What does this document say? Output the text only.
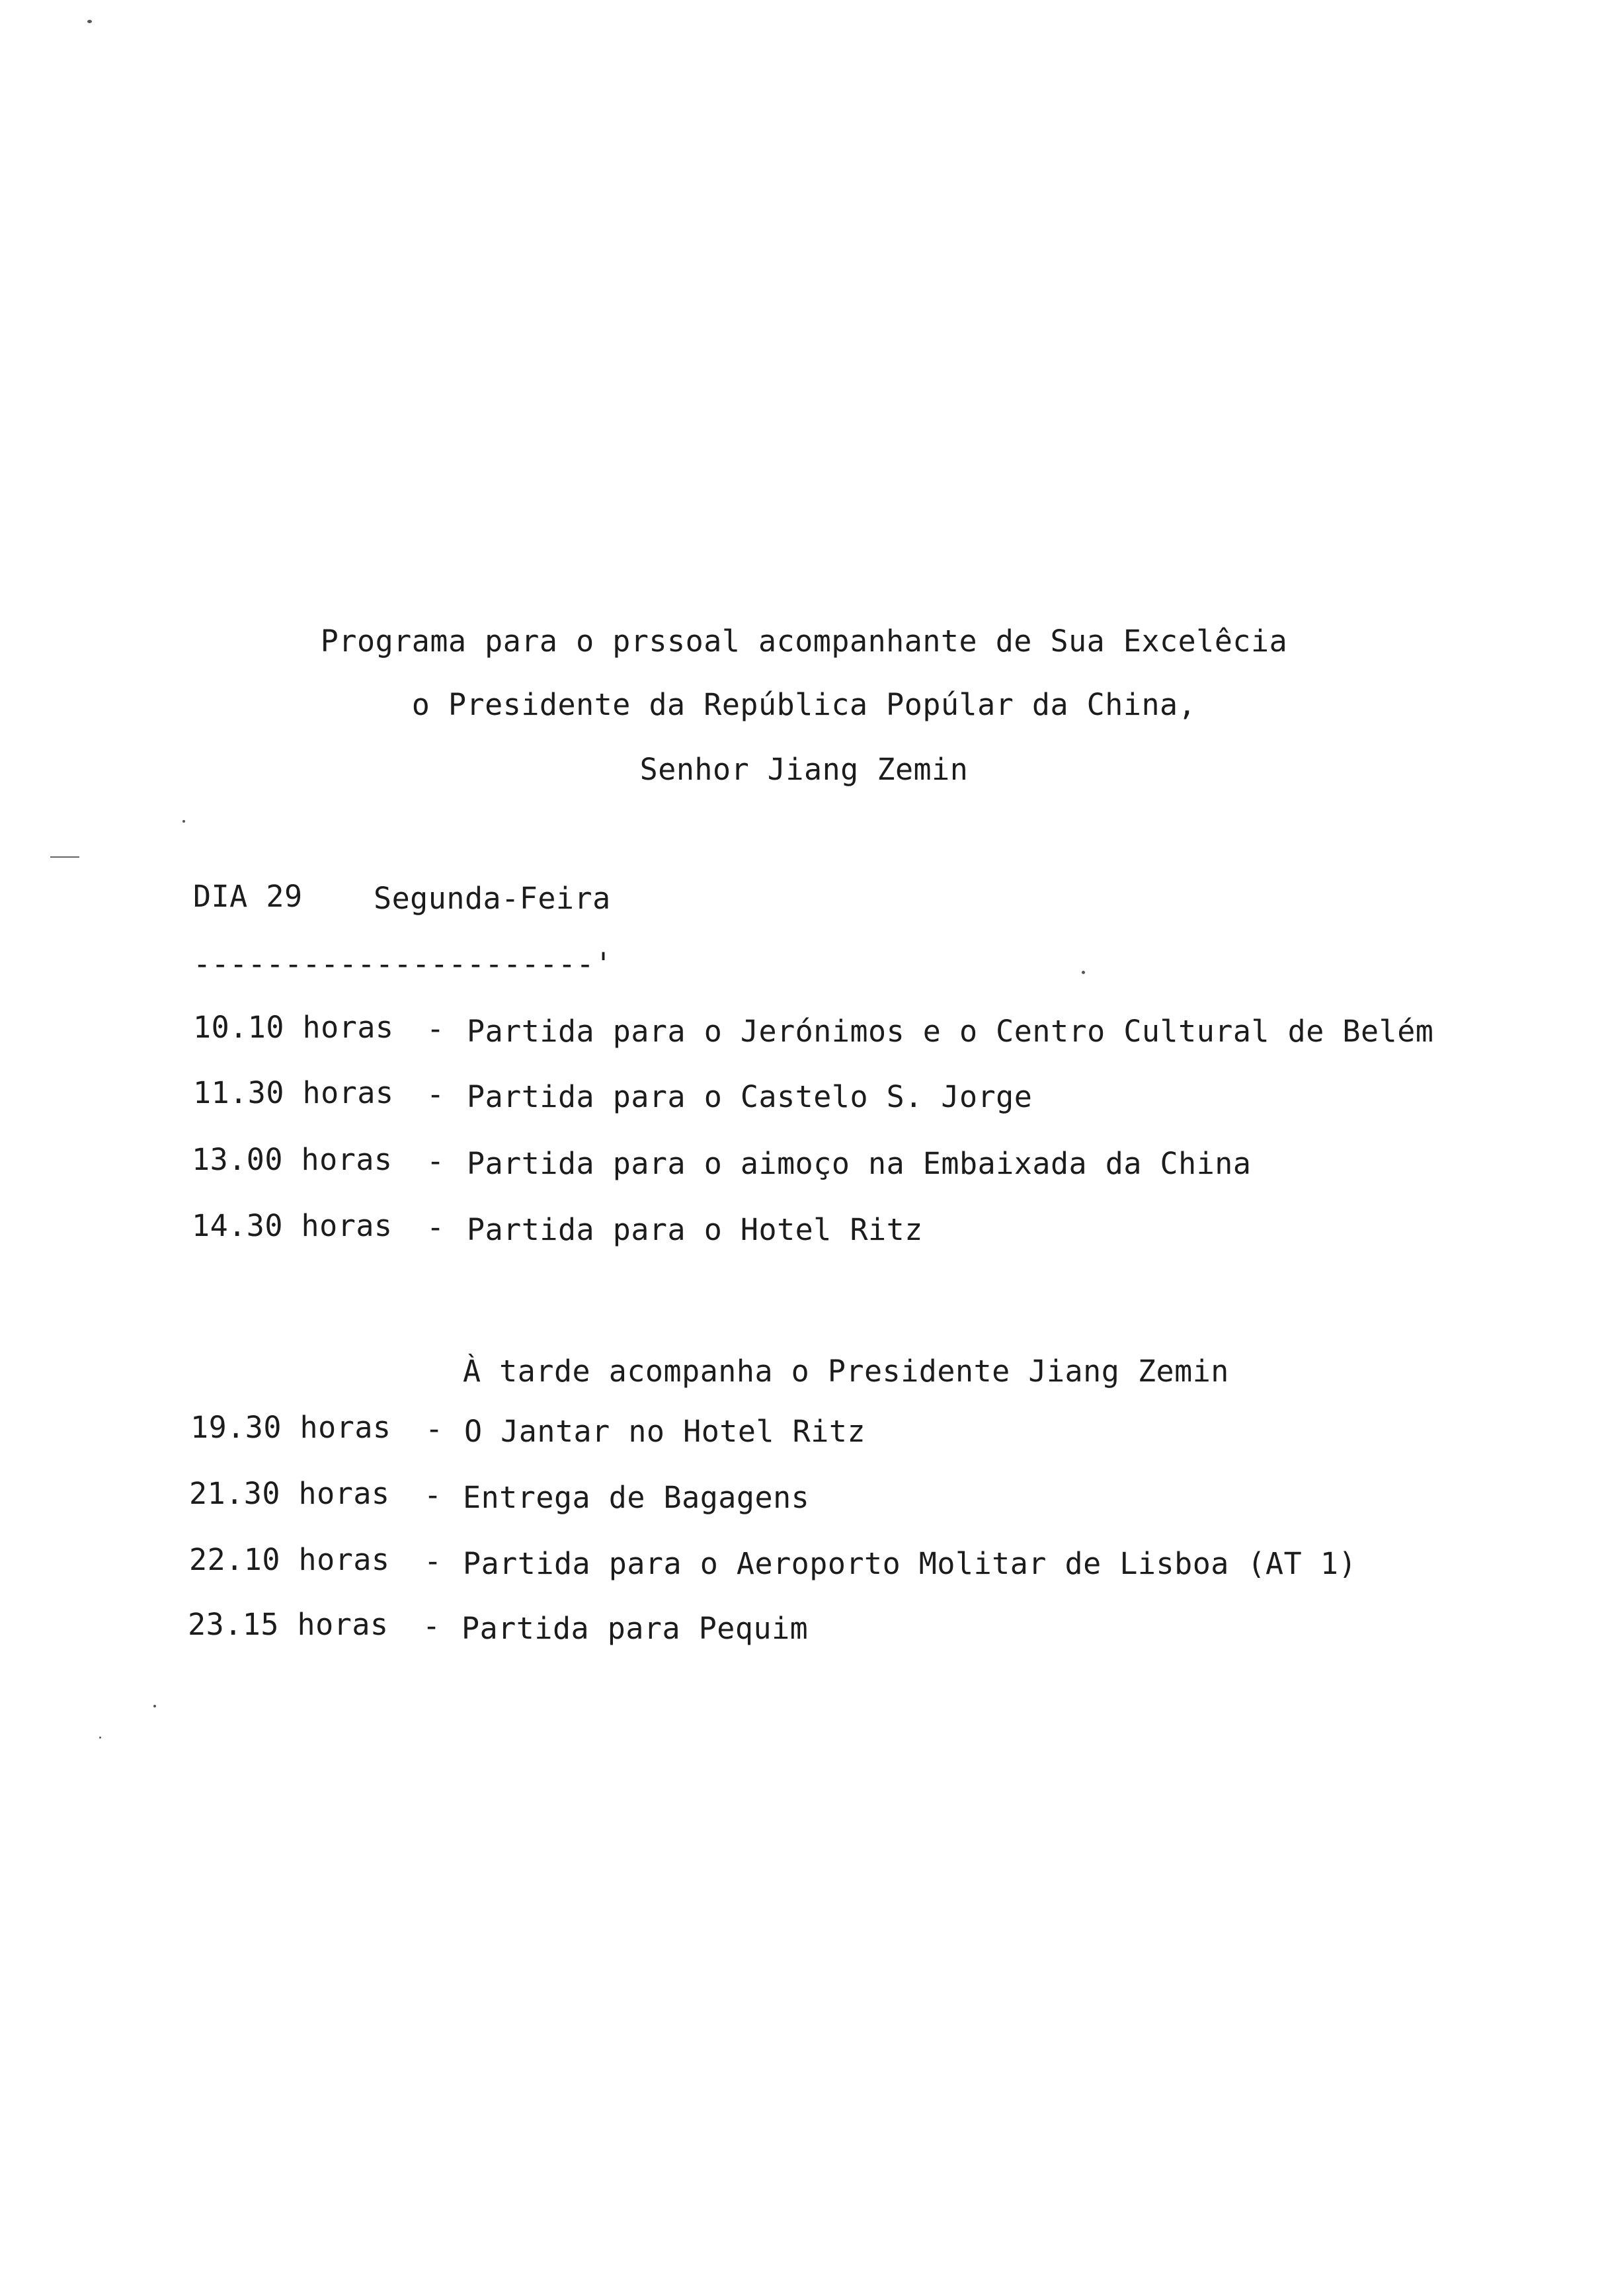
Programa para o prssoal acompanhante de Sua Excelêcia
o Presidente da República Popúlar da China,
Senhor Jiang Zemin
DIA 29 Segunda-Feira
----------------------'
10.10 horas - Partida para o Jerónimos e o Centro Cultural de Belém
11.30 horas - Partida para o Castelo S. Jorge
13.00 horas - Partida para o aimoço na Embaixada da China
14.30 horas - Partida para o Hotel Ritz
À tarde acompanha o Presidente Jiang Zemin
19.30 horas - O Jantar no Hotel Ritz
21.30 horas - Entrega de Bagagens
22.10 horas - Partida para o Aeroporto Molitar de Lisboa (AT 1)
23.15 horas - Partida para Pequim
